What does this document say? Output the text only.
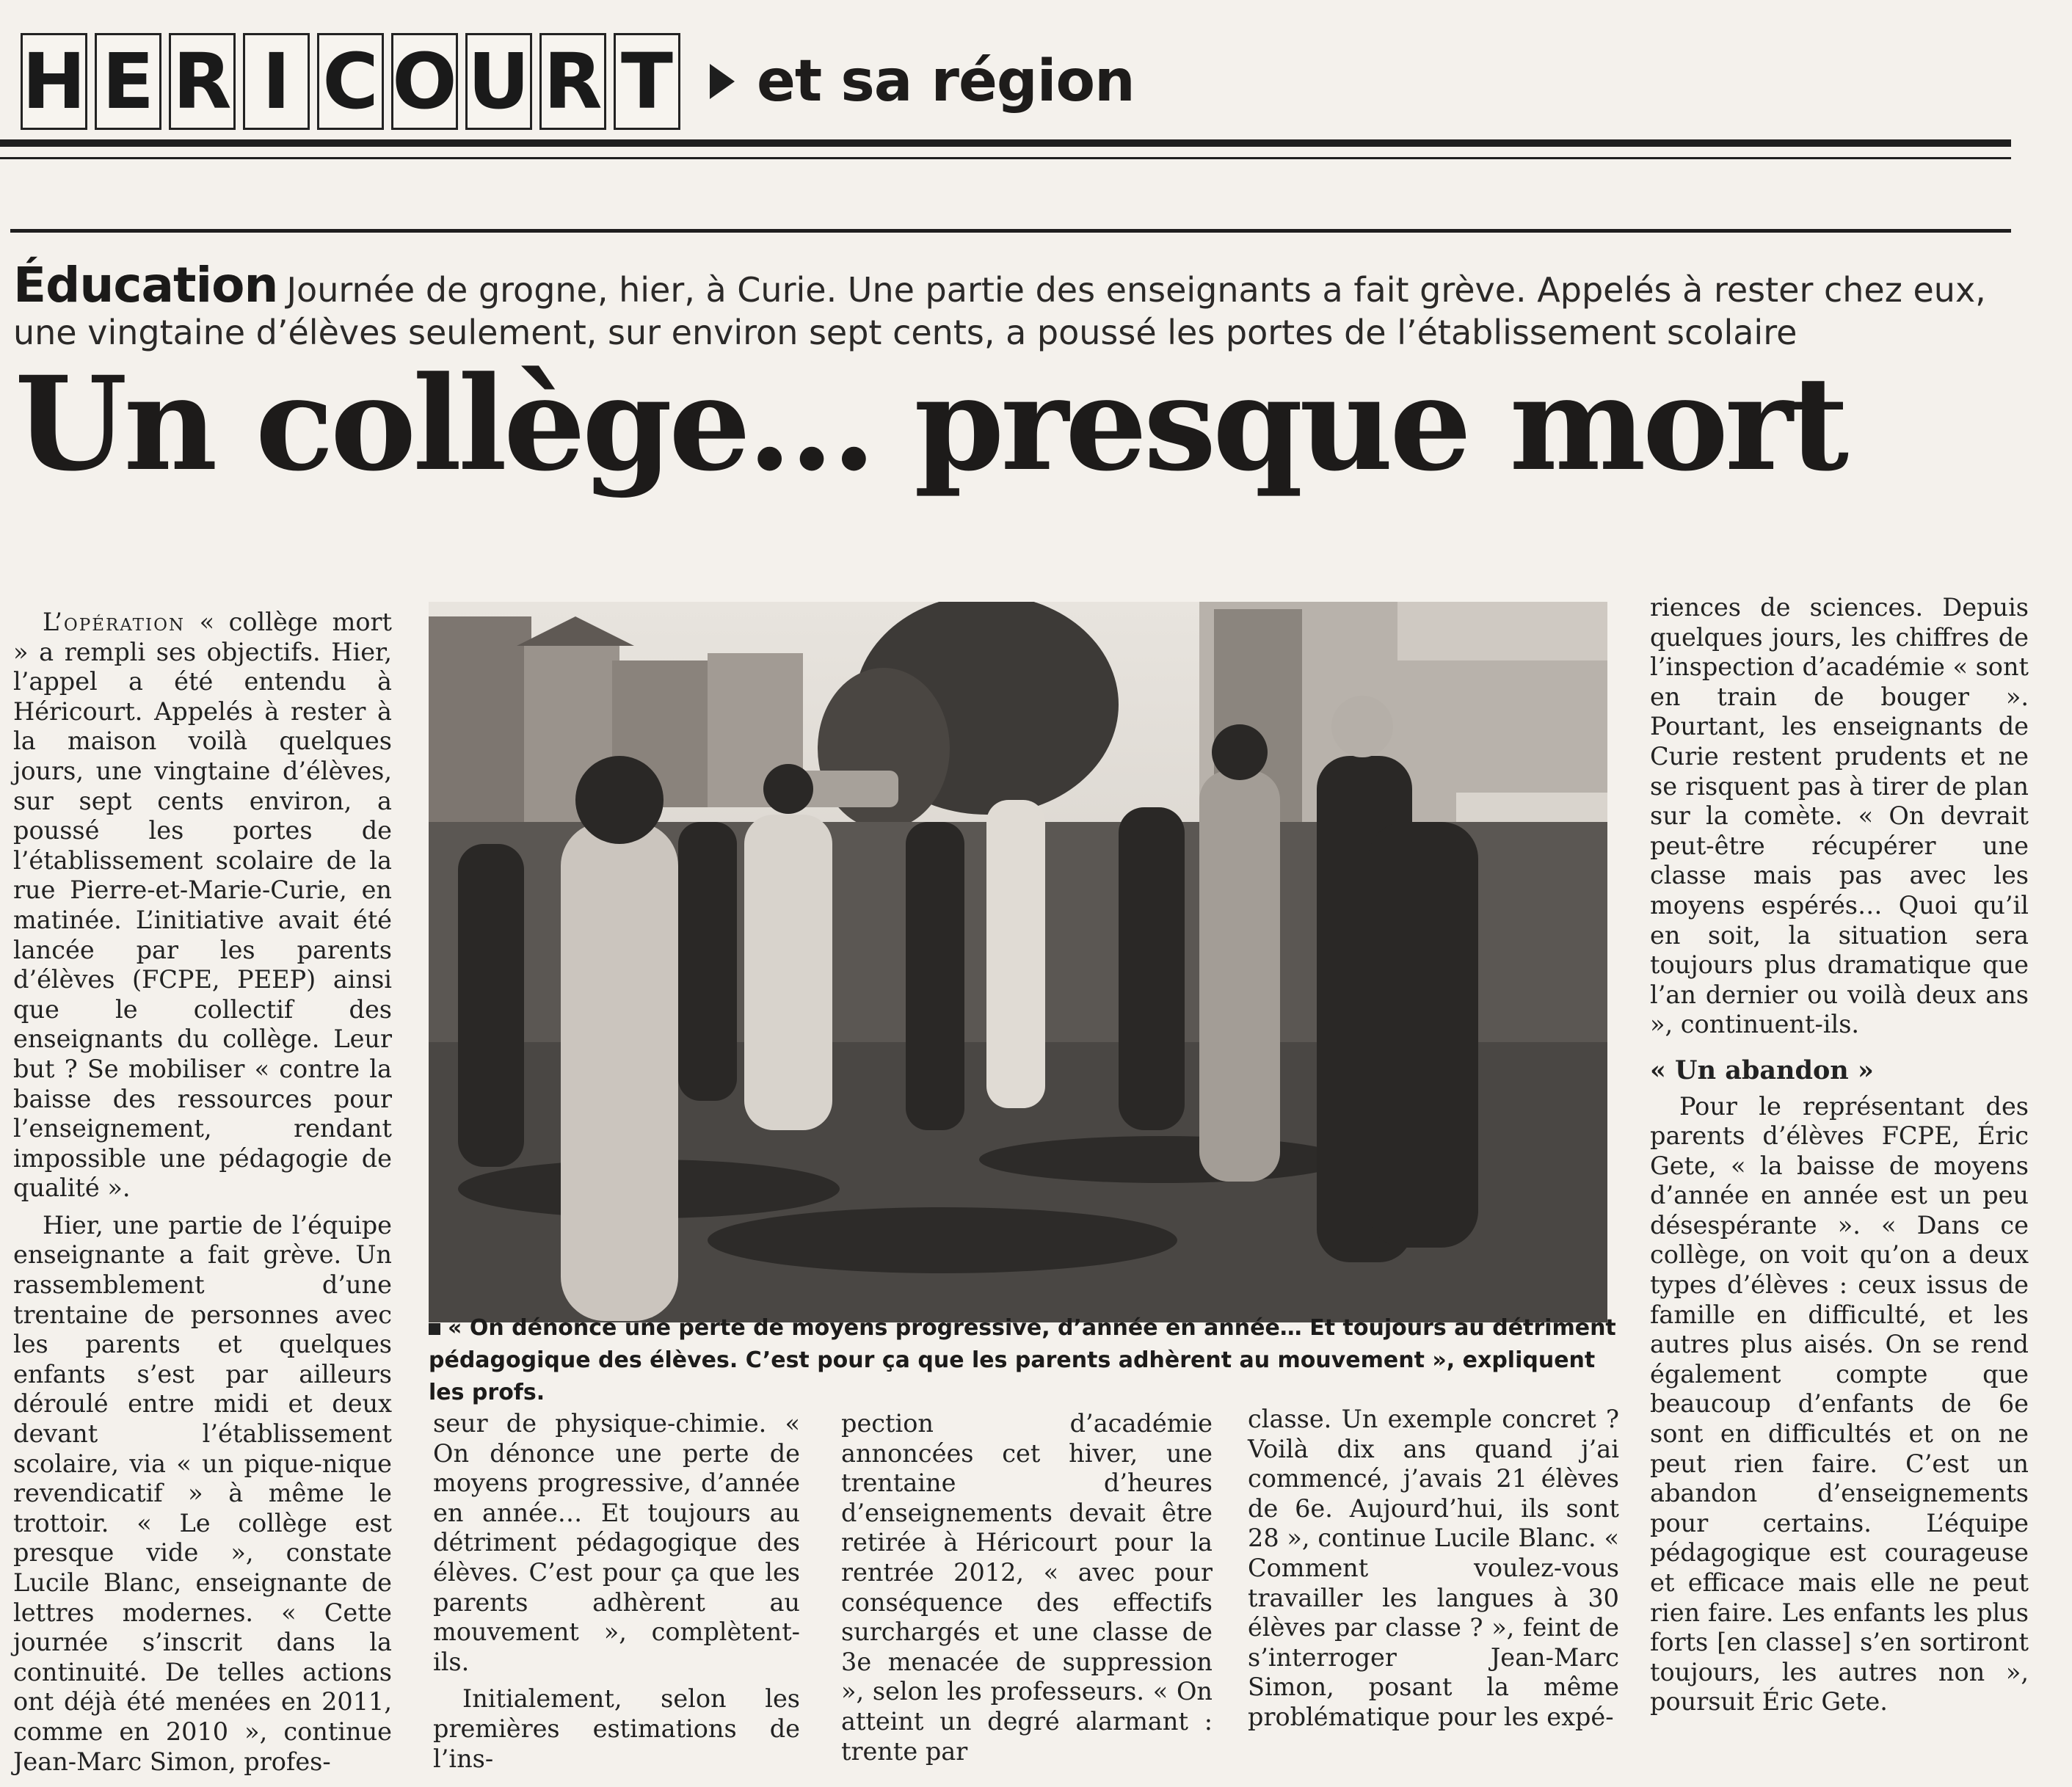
H E R I C O U R T et sa région
Éducation Journée de grogne, hier, à Curie. Une partie des enseignants a fait grève. Appelés à rester chez eux, une vingtaine d’élèves seulement, sur environ sept cents, a poussé les portes de l’établissement scolaire
Un collège… presque mort

L’opération « collège mort » a rempli ses objectifs. Hier, l’appel a été entendu à Héricourt. Appelés à rester à la maison voilà quelques jours, une vingtaine d’élèves, sur sept cents environ, a poussé les portes de l’établissement scolaire de la rue Pierre-et-Marie-Curie, en matinée. L’initiative avait été lancée par les parents d’élèves (FCPE, PEEP) ainsi que le collectif des enseignants du collège. Leur but ? Se mobiliser « contre la baisse des ressources pour l’enseignement, rendant impossible une pédagogie de qualité ».

Hier, une partie de l’équipe enseignante a fait grève. Un rassemblement d’une trentaine de personnes avec les parents et quelques enfants s’est par ailleurs déroulé entre midi et deux devant l’établissement scolaire, via « un pique-nique revendicatif » à même le trottoir. « Le collège est presque vide », constate Lucile Blanc, enseignante de lettres modernes. « Cette journée s’inscrit dans la continuité. De telles actions ont déjà été menées en 2011, comme en 2010 », continue Jean-Marc Simon, profes-

« On dénonce une perte de moyens progressive, d’année en année… Et toujours au détriment pédagogique des élèves. C’est pour ça que les parents adhèrent au mouvement », expliquent les profs.

seur de physique-chimie. « On dénonce une perte de moyens progressive, d’année en année… Et toujours au détriment pédagogique des élèves. C’est pour ça que les parents adhèrent au mouvement », complètent-ils.

Initialement, selon les premières estimations de l’ins-

pection d’académie annoncées cet hiver, une trentaine d’heures d’enseignements devait être retirée à Héricourt pour la rentrée 2012, « avec pour conséquence des effectifs surchargés et une classe de 3e menacée de suppression », selon les professeurs. « On atteint un degré alarmant : trente par

classe. Un exemple concret ? Voilà dix ans quand j’ai commencé, j’avais 21 élèves de 6e. Aujourd’hui, ils sont 28 », continue Lucile Blanc. « Comment voulez-vous travailler les langues à 30 élèves par classe ? », feint de s’interroger Jean-Marc Simon, posant la même problématique pour les expé-

riences de sciences. Depuis quelques jours, les chiffres de l’inspection d’académie « sont en train de bouger ». Pourtant, les enseignants de Curie restent prudents et ne se risquent pas à tirer de plan sur la comète. « On devrait peut-être récupérer une classe mais pas avec les moyens espérés… Quoi qu’il en soit, la situation sera toujours plus dramatique que l’an dernier ou voilà deux ans », continuent-ils.

« Un abandon »

Pour le représentant des parents d’élèves FCPE, Éric Gete, « la baisse de moyens d’année en année est un peu désespérante ». « Dans ce collège, on voit qu’on a deux types d’élèves : ceux issus de famille en difficulté, et les autres plus aisés. On se rend également compte que beaucoup d’enfants de 6e sont en difficultés et on ne peut rien faire. C’est un abandon d’enseignements pour certains. L’équipe pédagogique est courageuse et efficace mais elle ne peut rien faire. Les enfants les plus forts [en classe] s’en sortiront toujours, les autres non », poursuit Éric Gete.
